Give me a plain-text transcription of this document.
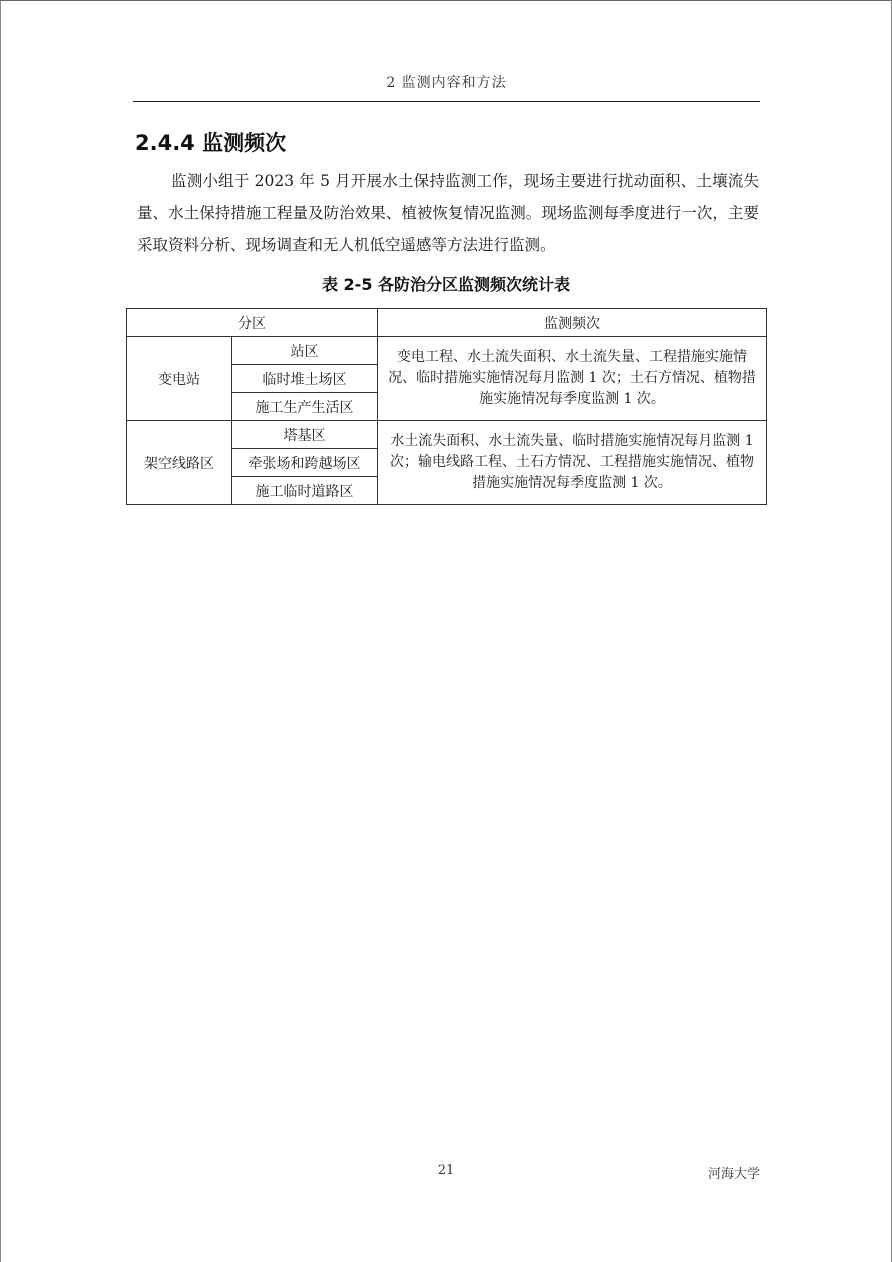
2 监测内容和方法
2.4.4 监测频次

监测小组于 2023 年 5 月开展水土保持监测工作，现场主要进行扰动面积、土壤流失量、水土保持措施工程量及防治效果、植被恢复情况监测。现场监测每季度进行一次，主要采取资料分析、现场调查和无人机低空遥感等方法进行监测。

表 2-5 各防治分区监测频次统计表
分区		监测频次
变电站	站区	变电工程、水土流失面积、水土流失量、工程措施实施情况、临时措施实施情况每月监测 1 次；土石方情况、植物措施实施情况每季度监测 1 次。
	临时堆土场区	
	施工生产生活区	
架空线路区	塔基区	水土流失面积、水土流失量、临时措施实施情况每月监测 1 次；输电线路工程、土石方情况、工程措施实施情况、植物措施实施情况每季度监测 1 次。
	牵张场和跨越场区	
	施工临时道路区	
21	河海大学
